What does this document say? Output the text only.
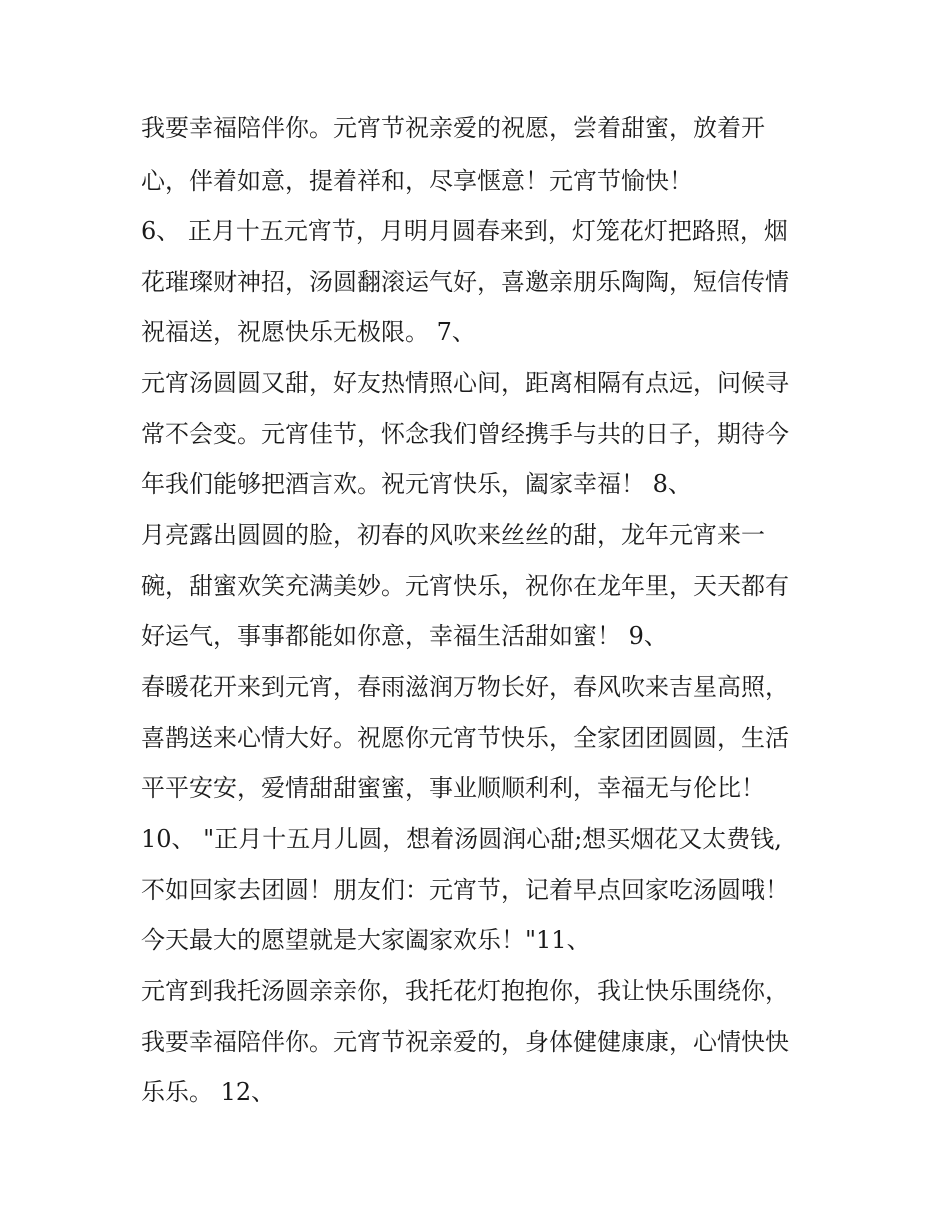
我要幸福陪伴你。元宵节祝亲爱的祝愿，尝着甜蜜，放着开
心，伴着如意，提着祥和，尽享惬意！元宵节愉快！
6、 正月十五元宵节，月明月圆春来到，灯笼花灯把路照，烟
花璀璨财神招，汤圆翻滚运气好，喜邀亲朋乐陶陶，短信传情
祝福送，祝愿快乐无极限。 7、
元宵汤圆圆又甜，好友热情照心间，距离相隔有点远，问候寻
常不会变。元宵佳节，怀念我们曾经携手与共的日子，期待今
年我们能够把酒言欢。祝元宵快乐，阖家幸福！ 8、
月亮露出圆圆的脸，初春的风吹来丝丝的甜，龙年元宵来一
碗，甜蜜欢笑充满美妙。元宵快乐，祝你在龙年里，天天都有
好运气，事事都能如你意，幸福生活甜如蜜！ 9、
春暖花开来到元宵，春雨滋润万物长好，春风吹来吉星高照，
喜鹊送来心情大好。祝愿你元宵节快乐，全家团团圆圆，生活
平平安安，爱情甜甜蜜蜜，事业顺顺利利，幸福无与伦比！
10、 "正月十五月儿圆，想着汤圆润心甜;想买烟花又太费钱,
不如回家去团圆！朋友们：元宵节，记着早点回家吃汤圆哦！
今天最大的愿望就是大家阖家欢乐！"11、
元宵到我托汤圆亲亲你，我托花灯抱抱你，我让快乐围绕你，
我要幸福陪伴你。元宵节祝亲爱的，身体健健康康，心情快快
乐乐。 12、
